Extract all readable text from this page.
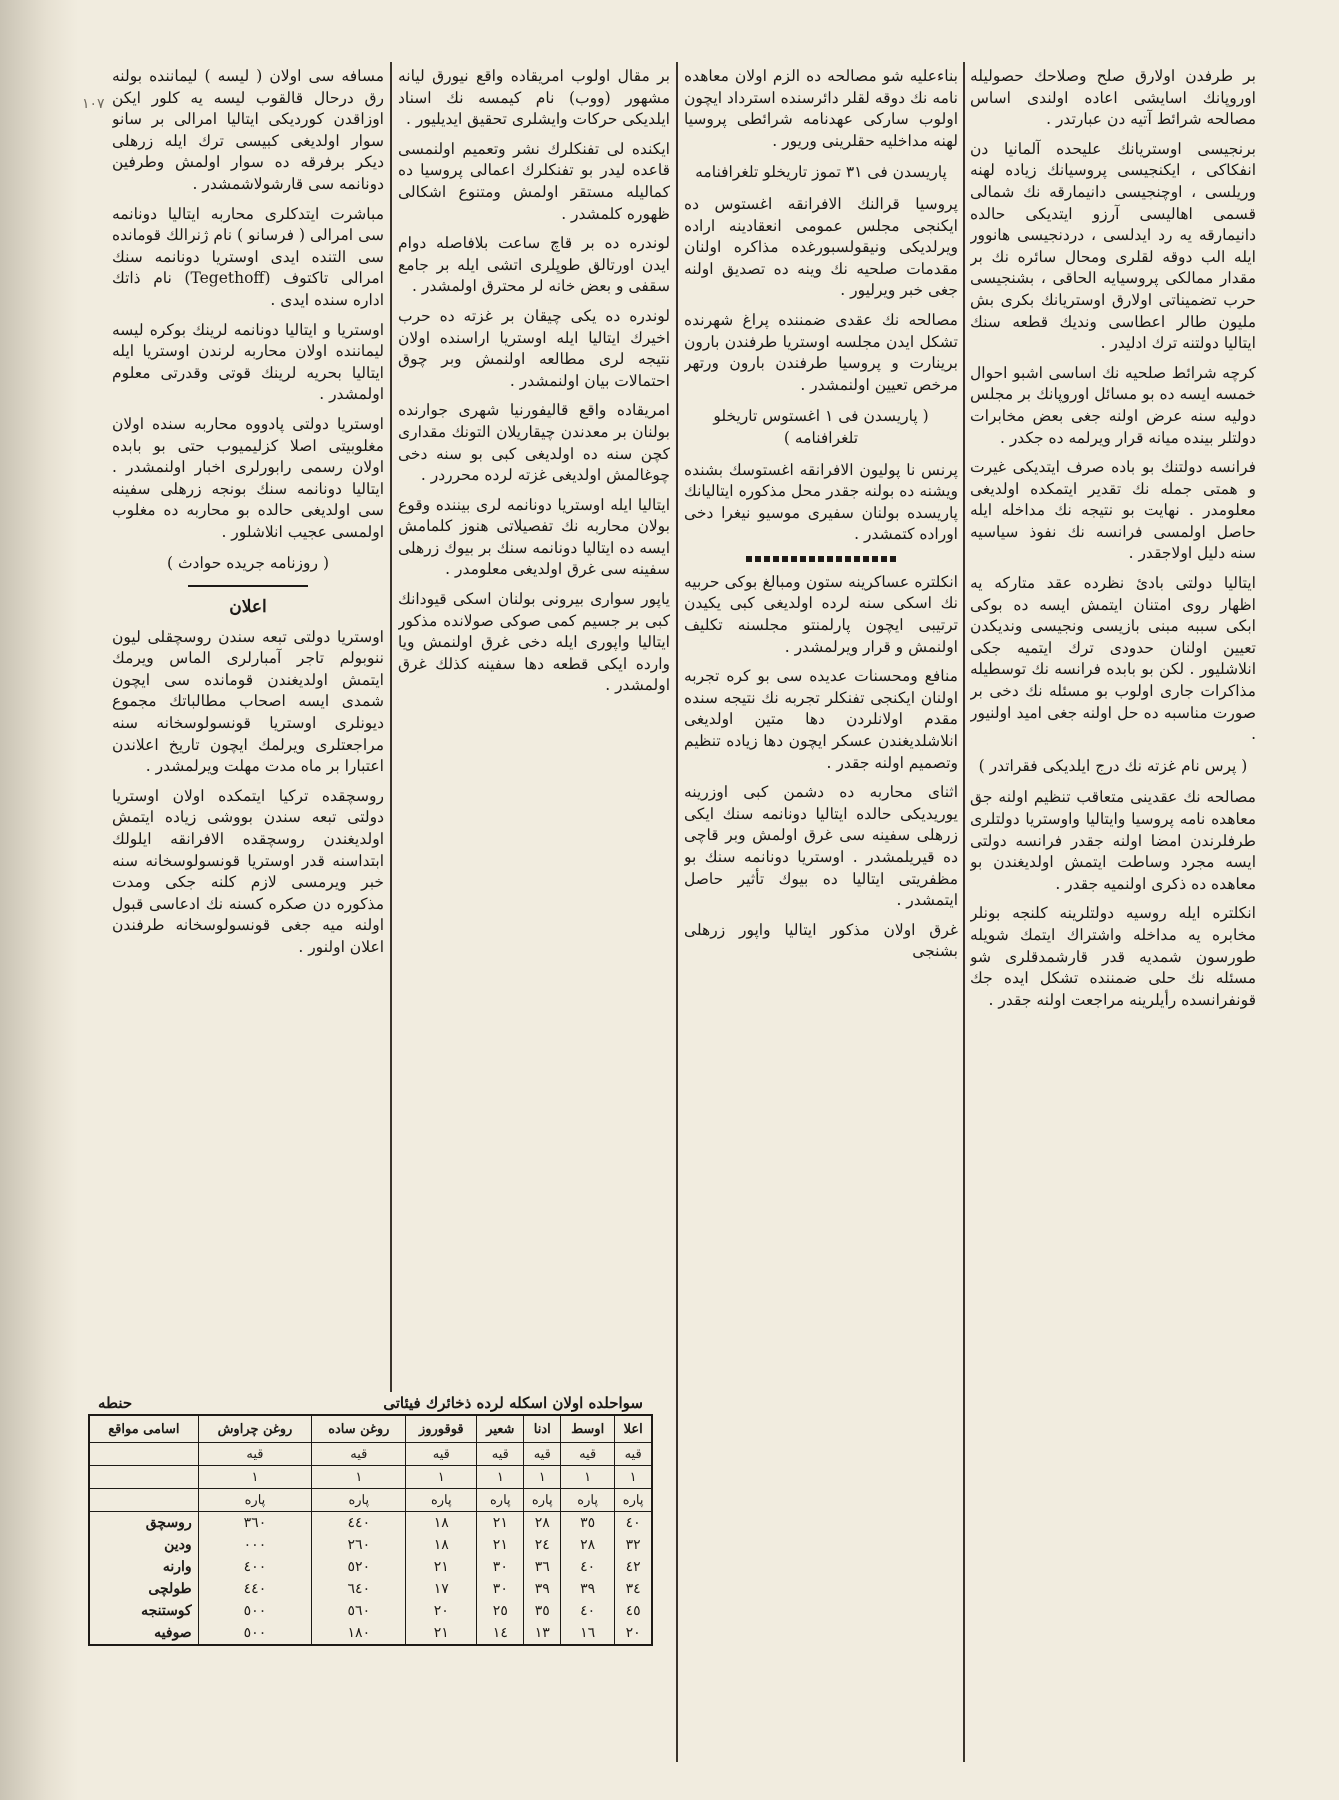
١٠٧

بر طرفدن اولارق صلح وصلاحك حصولیله اوروپانك اسایشی اعاده اولندی اساس مصالحه شرائط آتیه دن عبارتدر .

برنجیسی اوستریانك علیحده آلمانیا دن انفكاكی ، ایكنجیسی پروسیانك زیاده لهنه وریلسی ، اوچنجیسی دانیمارقه نك شمالی قسمی اهالیسی آرزو ایتدیكی حالده دانیمارقه یه رد ایدلسی ، دردنجیسی هانوور ایله الب دوقه لقلری ومحال سائره نك بر مقدار ممالكی پروسیایه الحاقی ، بشنجیسی حرب تضمیناتی اولارق اوستریانك بكری بش ملیون طالر اعطاسی وندیك قطعه سنك ایتالیا دولتنه ترك ادلیدر .

كرچه شرائط صلحیه نك اساسی اشبو احوال خمسه ایسه ده بو مسائل اوروپانك بر مجلس دولیه سنه عرض اولنه جغی بعض مخابرات دولتلر بینده میانه قرار ویرلمه ده جكدر .

فرانسه دولتنك بو باده صرف ایتدیكی غیرت و همتی جمله نك تقدیر ایتمكده اولدیغی معلومدر . نهایت بو نتیجه نك مداخله ایله حاصل اولمسی فرانسه نك نفوذ سیاسیه سنه دلیل اولاجقدر .

ایتالیا دولتی بادئ نظرده عقد متاركه یه اظهار روی امتنان ایتمش ایسه ده بوكی ابكی سببه مبنی بازیسی ونجیسی وندیكدن تعیین اولنان حدودی ترك ایتمیه جكی انلاشلیور . لكن بو بابده فرانسه نك توسطیله مذاكرات جاری اولوب بو مسئله نك دخی بر صورت مناسبه ده حل اولنه جغی امید اولنیور .

( پرس نام غزته نك درج ایلدیكی فقراتدر )

مصالحه نك عقدینی متعاقب تنظیم اولنه جق معاهده نامه پروسیا وایتالیا واوستریا دولتلری طرفلرندن امضا اولنه جقدر فرانسه دولتی ایسه مجرد وساطت ایتمش اولدیغندن بو معاهده ده ذكری اولنمیه جقدر .

انكلتره ایله روسیه دولتلرینه كلنجه بونلر مخابره یه مداخله واشتراك ایتمك شویله طورسون شمدیه قدر قارشمدقلری شو مسئله نك حلی ضمننده تشكل ایده جك قونفرانسده رأیلرینه مراجعت اولنه جقدر .

بناءعلیه شو مصالحه ده الزم اولان معاهده نامه نك دوقه لقلر دائرسنده استرداد ایچون اولوب ساركی عهدنامه شرائطی پروسیا لهنه مداخلیه حقلرینی وریور .

پاریسدن فی ٣١ تموز تاریخلو تلغرافنامه

پروسیا قرالنك الافرانقه اغستوس ده ایكنجی مجلس عمومی انعقادینه اراده ویرلدیكی ونیقولسبورغده مذاكره اولنان مقدمات صلحیه نك وینه ده تصدیق اولنه جغی خبر ویرلیور .

مصالحه نك عقدی ضمننده پراغ شهرنده تشكل ایدن مجلسه اوستریا طرفندن بارون برینارت و پروسیا طرفندن بارون ورتهر مرخص تعیین اولنمشدر .

( پاریسدن فی ١ اغستوس تاریخلو تلغرافنامه )

پرنس نا پولیون الافرانقه اغستوسك بشنده ویشنه ده بولنه جقدر محل مذكوره ایتالیانك پاریسده بولنان سفیری موسیو نیغرا دخی اوراده كتمشدر .

انكلتره عساكرینه ستون ومبالغ بوكی حربیه نك اسكی سنه لرده اولدیغی كبی یكیدن ترتیبی ایچون پارلمنتو مجلسنه تكلیف اولنمش و قرار ویرلمشدر .

منافع ومحسنات عدیده سی بو كره تجربه اولنان ایكنجی تفنكلر تجربه نك نتیجه سنده مقدم اولانلردن دها متین اولدیغی انلاشلدیغندن عسكر ایچون دها زیاده تنظیم وتصمیم اولنه جقدر .

اثنای محاربه ده دشمن كبی اوزرینه یوریدیكی حالده ایتالیا دونانمه سنك ایكی زرهلی سفینه سی غرق اولمش وبر قاچی ده قیریلمشدر . اوستریا دونانمه سنك بو مظفریتی ایتالیا ده بیوك تأثیر حاصل ایتمشدر .

غرق اولان مذكور ایتالیا واپور زرهلی بشنجی

بر مقال اولوب امریقاده واقع نیورق لیانه مشهور (ووب) نام كیمسه نك اسناد ایلدیكی حركات وایشلری تحقیق ایدیلیور .

ایكنده لی تفنكلرك نشر وتعمیم اولنمسی قاعده لیدر بو تفنكلرك اعمالی پروسیا ده كمالیله مستقر اولمش ومتنوع اشكالی ظهوره كلمشدر .

لوندره ده بر قاچ ساعت بلافاصله دوام ایدن اورتالق طوپلری اتشی ایله بر جامع سقفی و بعض خانه لر محترق اولمشدر .

لوندره ده یكی چیقان بر غزته ده حرب اخیرك ایتالیا ایله اوستریا اراسنده اولان نتیجه لری مطالعه اولنمش وبر چوق احتمالات بیان اولنمشدر .

امریقاده واقع قالیفورنیا شهری جوارنده بولنان بر معدندن چیقاریلان التونك مقداری كچن سنه ده اولدیغی كبی بو سنه دخی چوغالمش اولدیغی غزته لرده محرردر .

ایتالیا ایله اوستریا دونانمه لری بیننده وقوع بولان محاربه نك تفصیلاتی هنوز كلمامش ایسه ده ایتالیا دونانمه سنك بر بیوك زرهلی سفینه سی غرق اولدیغی معلومدر .

یاپور سواری بیرونی بولنان اسكی قیودانك كبی بر جسیم كمی صوكی صولانده مذكور ایتالیا واپوری ایله دخی غرق اولنمش ویا وارده ایكی قطعه دها سفینه كذلك غرق اولمشدر .

مسافه سی اولان ( لیسه ) لیماننده بولنه رق درحال قالقوب لیسه یه كلور ایكن اوزاقدن كوردیكی ایتالیا امرالی بر سانو سوار اولدیغی كبیسی ترك ایله زرهلی دیكر برفرقه ده سوار اولمش وطرفین دونانمه سی قارشولاشمشدر .

مباشرت ایتدكلری محاربه ایتالیا دونانمه سی امرالی ( فرسانو ) نام ژنرالك قومانده سی التنده ایدی اوستریا دونانمه سنك امرالی تاكتوف (Tegethoff) نام ذاتك اداره سنده ایدی .

اوستریا و ایتالیا دونانمه لرینك بوكره لیسه لیماننده اولان محاربه لرندن اوستریا ایله ایتالیا بحریه لرینك قوتی وقدرتی معلوم اولمشدر .

اوستریا دولتی پادووه محاربه سنده اولان مغلوبیتی اصلا كزلیمیوب حتی بو بابده اولان رسمی رابورلری اخبار اولنمشدر . ایتالیا دونانمه سنك بونجه زرهلی سفینه سی اولدیغی حالده بو محاربه ده مغلوب اولمسی عجیب انلاشلور .

( روزنامه جریده حوادث )

اعلان

اوستریا دولتی تبعه سندن روسچقلی لیون ننوبولم تاجر آمبارلری الماس ویرمك ایتمش اولدیغندن قومانده سی ایچون شمدی ایسه اصحاب مطالباتك مجموع دیونلری اوستریا قونسولوسخانه سنه مراجعتلری ویرلمك ایچون تاریخ اعلاندن اعتبارا بر ماه مدت مهلت ویرلمشدر .

روسچقده تركیا ایتمكده اولان اوستریا دولتی تبعه سندن بووشی زیاده ایتمش اولدیغندن روسچقده الافرانقه ایلولك ابتداسنه قدر اوستریا قونسولوسخانه سنه خبر ویرمسی لازم كلنه جكی ومدت مذكوره دن صكره كسنه نك ادعاسی قبول اولنه میه جغی قونسولوسخانه طرفندن اعلان اولنور .

سواحلده اولان اسكله لرده ذخائرك فیئاتی
حنطه
اعلا	اوسط	ادنا	شعیر	قوقوروز	روغن ساده	روغن چراوش	اسامی مواقع
قیه	قیه	قیه	قیه	قیه	قیه	قیه	
١	١	١	١	١	١	١	
پاره	پاره	پاره	پاره	پاره	پاره	پاره	
٤٠	٣٥	٢٨	٢١	١٨	٤٤٠	٣٦٠	روسچق
٣٢	٢٨	٢٤	٢١	١٨	٢٦٠	٠٠٠	ودین
٤٢	٤٠	٣٦	٣٠	٢١	٥٢٠	٤٠٠	وارنه
٣٤	٣٩	٣٩	٣٠	١٧	٦٤٠	٤٤٠	طولچی
٤٥	٤٠	٣٥	٢٥	٢٠	٥٦٠	٥٠٠	كوستنجه
٢٠	١٦	١٣	١٤	٢١	١٨٠	٥٠٠	صوفیه
